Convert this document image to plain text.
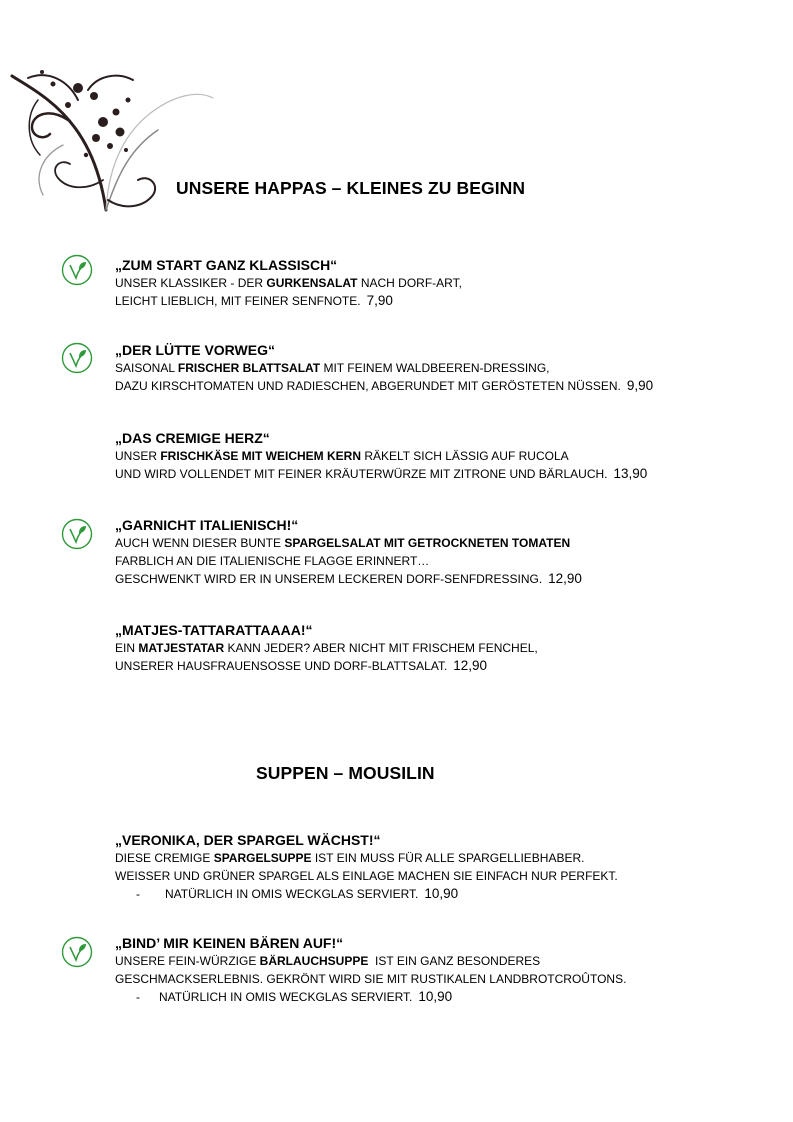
UNSERE HAPPAS – KLEINES ZU BEGINN
„ZUM START GANZ KLASSISCH“
UNSER KLASSIKER - DER GURKENSALAT NACH DORF-ART,
LEICHT LIEBLICH, MIT FEINER SENFNOTE. 7,90
„DER LÜTTE VORWEG“
SAISONAL FRISCHER BLATTSALAT MIT FEINEM WALDBEEREN-DRESSING,
DAZU KIRSCHTOMATEN UND RADIESCHEN, ABGERUNDET MIT GERÖSTETEN NÜSSEN. 9,90
„DAS CREMIGE HERZ“
UNSER FRISCHKÄSE MIT WEICHEM KERN RÄKELT SICH LÄSSIG AUF RUCOLA
UND WIRD VOLLENDET MIT FEINER KRÄUTERWÜRZE MIT ZITRONE UND BÄRLAUCH. 13,90
„GARNICHT ITALIENISCH!“
AUCH WENN DIESER BUNTE SPARGELSALAT MIT GETROCKNETEN TOMATEN
FARBLICH AN DIE ITALIENISCHE FLAGGE ERINNERT…
GESCHWENKT WIRD ER IN UNSEREM LECKEREN DORF-SENFDRESSING. 12,90
„MATJES-TATTARATTAAAA!“
EIN MATJESTATAR KANN JEDER? ABER NICHT MIT FRISCHEM FENCHEL,
UNSERER HAUSFRAUENSOSSE UND DORF-BLATTSALAT. 12,90
SUPPEN – MOUSILIN
„VERONIKA, DER SPARGEL WÄCHST!“
DIESE CREMIGE SPARGELSUPPE IST EIN MUSS FÜR ALLE SPARGELLIEBHABER.
WEISSER UND GRÜNER SPARGEL ALS EINLAGE MACHEN SIE EINFACH NUR PERFEKT.
- NATÜRLICH IN OMIS WECKGLAS SERVIERT. 10,90
„BIND’ MIR KEINEN BÄREN AUF!“
UNSERE FEIN-WÜRZIGE BÄRLAUCHSUPPE  IST EIN GANZ BESONDERES
GESCHMACKSERLEBNIS. GEKRÖNT WIRD SIE MIT RUSTIKALEN LANDBROTCROÛTONS.
- NATÜRLICH IN OMIS WECKGLAS SERVIERT. 10,90
